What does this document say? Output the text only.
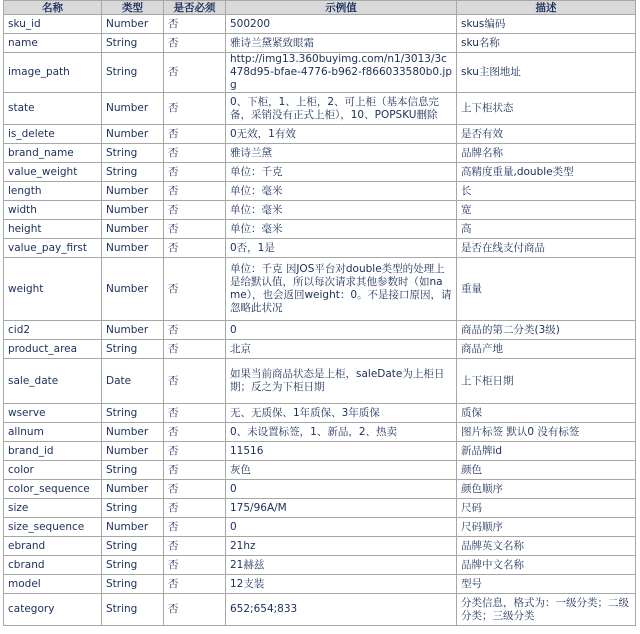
名称	类型	是否必须	示例值	描述
sku_id	Number	否	500200	skus编码
name	String	否	雅诗兰黛紧致眼霜	sku名称
image_path	String	否	http://img13.360buyimg.com/n1/3013/3c478d95-bfae-4776-b962-f866033580b0.jpg	sku主图地址
state	Number	否	0、下柜，1、上柜，2、可上柜（基本信息完备，采销没有正式上柜），10、POPSKU删除	上下柜状态
is_delete	Number	否	0无效，1有效	是否有效
brand_name	String	否	雅诗兰黛	品牌名称
value_weight	String	否	单位：千克	高精度重量,double类型
length	Number	否	单位：毫米	长
width	Number	否	单位：毫米	宽
height	Number	否	单位：毫米	高
value_pay_first	Number	否	0否，1是	是否在线支付商品
weight	Number	否	单位：千克 因JOS平台对double类型的处理上是给默认值，所以每次请求其他参数时（如name），也会返回weight：0。不是接口原因，请忽略此状况	重量
cid2	Number	否	0	商品的第二分类(3级)
product_area	String	否	北京	商品产地
sale_date	Date	否	如果当前商品状态是上柜，saleDate为上柜日期；反之为下柜日期	上下柜日期
wserve	String	否	无、无质保、1年质保、3年质保	质保
allnum	Number	否	0、未设置标签，1、新品，2、热卖	图片标签 默认0 没有标签
brand_id	Number	否	11516	新品牌id
color	String	否	灰色	颜色
color_sequence	Number	否	0	颜色顺序
size	String	否	175/96A/M	尺码
size_sequence	Number	否	0	尺码顺序
ebrand	String	否	21hz	品牌英文名称
cbrand	String	否	21赫兹	品牌中文名称
model	String	否	12支装	型号
category	String	否	652;654;833	分类信息，格式为：一级分类；二级分类；三级分类
